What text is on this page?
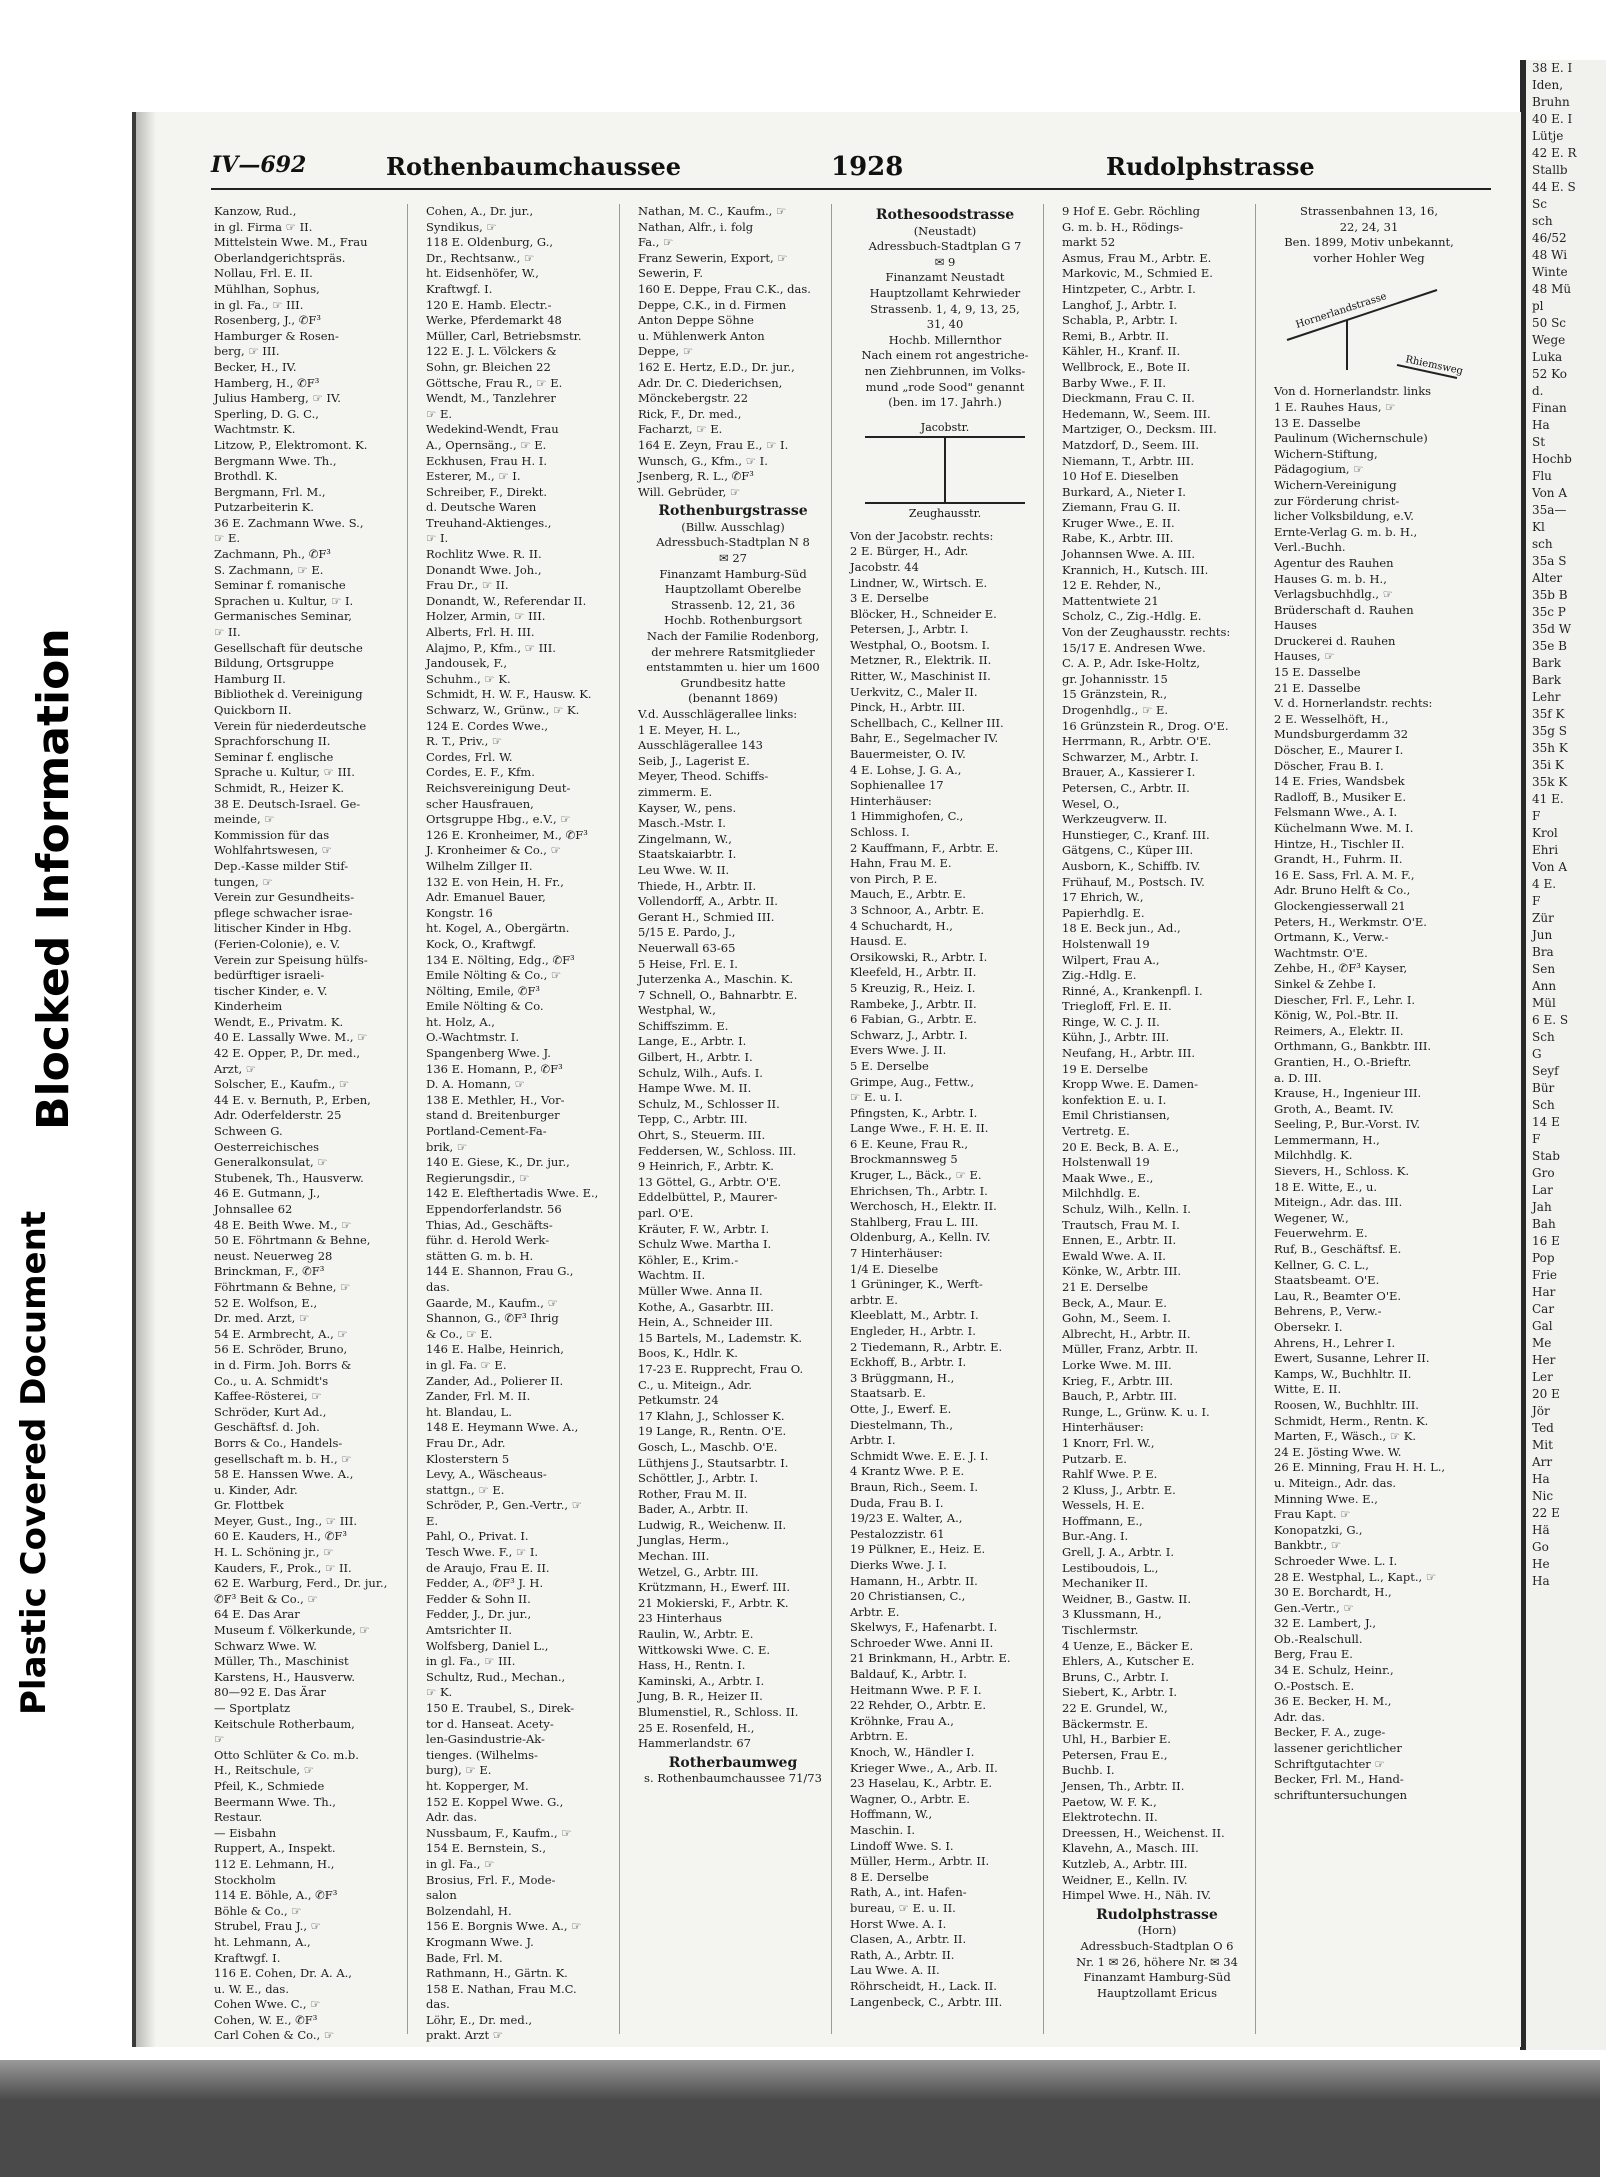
38 E. I
Iden,
Bruhn
40 E. I
Lütje
42 E. R
Stallb
44 E. S
Sc
sch
46/52
48 Wi
Winte
48 Mü
pl
50 Sc
Wege
Luka
52 Ko
d.
Finan
Ha
St
Hochb
Flu
Von A
35a—
Kl
sch
35a S
Alter
35b B
35c P
35d W
35e B
Bark
Bark
Lehr
35f K
35g S
35h K
35i K
35k K
41 E.
F
Krol
Ehri
Von A
4 E.
F
Zür
Jun
Bra
Sen
Ann
Mül
6 E. S
Sch
G
Seyf
Bür
Sch
14 E
F
Stab
Gro
Lar
Jah
Bah
16 E
Pop
Frie
Har
Car
Gal
Me
Her
Ler
20 E
Jör
Ted
Mit
Arr
Ha
Nic
22 E
Hä
Go
He
Ha
IV—692	Rothenbaumchaussee	1928	Rudolphstrasse
Kanzow, Rud.,
in gl. Firma ☞ II.
Mittelstein Wwe. M., Frau
Oberlandgerichtspräs.
Nollau, Frl. E. II.
Mühlhan, Sophus,
in gl. Fa., ☞ III.
Rosenberg, J., ✆F³
Hamburger & Rosen-
berg, ☞ III.
Becker, H., IV.
Hamberg, H., ✆F³
Julius Hamberg, ☞ IV.
Sperling, D. G. C.,
Wachtmstr. K.
Litzow, P., Elektromont. K.
Bergmann Wwe. Th.,
Brothdl. K.
Bergmann, Frl. M.,
Putzarbeiterin K.
36 E. Zachmann Wwe. S.,
☞ E.
Zachmann, Ph., ✆F³
S. Zachmann, ☞ E.
Seminar f. romanische
Sprachen u. Kultur, ☞ I.
Germanisches Seminar,
☞ II.
Gesellschaft für deutsche
Bildung, Ortsgruppe
Hamburg II.
Bibliothek d. Vereinigung
Quickborn II.
Verein für niederdeutsche
Sprachforschung II.
Seminar f. englische
Sprache u. Kultur, ☞ III.
Schmidt, R., Heizer K.
38 E. Deutsch-Israel. Ge-
meinde, ☞
Kommission für das
Wohlfahrtswesen, ☞
Dep.-Kasse milder Stif-
tungen, ☞
Verein zur Gesundheits-
pflege schwacher israe-
litischer Kinder in Hbg.
(Ferien-Colonie), e. V.
Verein zur Speisung hülfs-
bedürftiger israeli-
tischer Kinder, e. V.
Kinderheim
Wendt, E., Privatm. K.
40 E. Lassally Wwe. M., ☞
42 E. Opper, P., Dr. med.,
Arzt, ☞
Solscher, E., Kaufm., ☞
44 E. v. Bernuth, P., Erben,
Adr. Oderfelderstr. 25
Schween G.
Oesterreichisches
Generalkonsulat, ☞
Stubenek, Th., Hausverw.
46 E. Gutmann, J.,
Johnsallee 62
48 E. Beith Wwe. M., ☞
50 E. Föhrtmann & Behne,
neust. Neuerweg 28
Brinckman, F., ✆F³
Föhrtmann & Behne, ☞
52 E. Wolfson, E.,
Dr. med. Arzt, ☞
54 E. Armbrecht, A., ☞
56 E. Schröder, Bruno,
in d. Firm. Joh. Borrs &
Co., u. A. Schmidt's
Kaffee-Rösterei, ☞
Schröder, Kurt Ad.,
Geschäftsf. d. Joh.
Borrs & Co., Handels-
gesellschaft m. b. H., ☞
58 E. Hanssen Wwe. A.,
u. Kinder, Adr.
Gr. Flottbek
Meyer, Gust., Ing., ☞ III.
60 E. Kauders, H., ✆F³
H. L. Schöning jr., ☞
Kauders, F., Prok., ☞ II.
62 E. Warburg, Ferd., Dr. jur.,
✆F³ Beit & Co., ☞
64 E. Das Arar
Museum f. Völkerkunde, ☞
Schwarz Wwe. W.
Müller, Th., Maschinist
Karstens, H., Hausverw.
80—92 E. Das Ärar
— Sportplatz
Keitschule Rotherbaum,
☞
Otto Schlüter & Co. m.b.
H., Reitschule, ☞
Pfeil, K., Schmiede
Beermann Wwe. Th.,
Restaur.
— Eisbahn
Ruppert, A., Inspekt.
112 E. Lehmann, H.,
Stockholm
114 E. Böhle, A., ✆F³
Böhle & Co., ☞
Strubel, Frau J., ☞
ht. Lehmann, A.,
Kraftwgf. I.
116 E. Cohen, Dr. A. A.,
u. W. E., das.
Cohen Wwe. C., ☞
Cohen, W. E., ✆F³
Carl Cohen & Co., ☞
Cohen, A., Dr. jur.,
Syndikus, ☞
118 E. Oldenburg, G.,
Dr., Rechtsanw., ☞
ht. Eidsenhöfer, W.,
Kraftwgf. I.
120 E. Hamb. Electr.-
Werke, Pferdemarkt 48
Müller, Carl, Betriebsmstr.
122 E. J. L. Völckers &
Sohn, gr. Bleichen 22
Göttsche, Frau R., ☞ E.
Wendt, M., Tanzlehrer
☞ E.
Wedekind-Wendt, Frau
A., Opernsäng., ☞ E.
Eckhusen, Frau H. I.
Esterer, M., ☞ I.
Schreiber, F., Direkt.
d. Deutsche Waren
Treuhand-Aktienges.,
☞ I.
Rochlitz Wwe. R. II.
Donandt Wwe. Joh.,
Frau Dr., ☞ II.
Donandt, W., Referendar II.
Holzer, Armin, ☞ III.
Alberts, Frl. H. III.
Alajmo, P., Kfm., ☞ III.
Jandousek, F.,
Schuhm., ☞ K.
Schmidt, H. W. F., Hausw. K.
Schwarz, W., Grünw., ☞ K.
124 E. Cordes Wwe.,
R. T., Priv., ☞
Cordes, Frl. W.
Cordes, E. F., Kfm.
Reichsvereinigung Deut-
scher Hausfrauen,
Ortsgruppe Hbg., e.V., ☞
126 E. Kronheimer, M., ✆F³
J. Kronheimer & Co., ☞
Wilhelm Zillger II.
132 E. von Hein, H. Fr.,
Adr. Emanuel Bauer,
Kongstr. 16
ht. Kogel, A., Obergärtn.
Kock, O., Kraftwgf.
134 E. Nölting, Edg., ✆F³
Emile Nölting & Co., ☞
Nölting, Emile, ✆F³
Emile Nölting & Co.
ht. Holz, A.,
O.-Wachtmstr. I.
Spangenberg Wwe. J.
136 E. Homann, P., ✆F³
D. A. Homann, ☞
138 E. Methler, H., Vor-
stand d. Breitenburger
Portland-Cement-Fa-
brik, ☞
140 E. Giese, K., Dr. jur.,
Regierungsdir., ☞
142 E. Elefthertadis Wwe. E.,
Eppendorferlandstr. 56
Thias, Ad., Geschäfts-
führ. d. Herold Werk-
stätten G. m. b. H.
144 E. Shannon, Frau G.,
das.
Gaarde, M., Kaufm., ☞
Shannon, G., ✆F³ Ihrig
& Co., ☞ E.
146 E. Halbe, Heinrich,
in gl. Fa. ☞ E.
Zander, Ad., Polierer II.
Zander, Frl. M. II.
ht. Blandau, L.
148 E. Heymann Wwe. A.,
Frau Dr., Adr.
Klosterstern 5
Levy, A., Wäscheaus-
stattgn., ☞ E.
Schröder, P., Gen.-Vertr., ☞
E.
Pahl, O., Privat. I.
Tesch Wwe. F., ☞ I.
de Araujo, Frau E. II.
Fedder, A., ✆F³ J. H.
Fedder & Sohn II.
Fedder, J., Dr. jur.,
Amtsrichter II.
Wolfsberg, Daniel L.,
in gl. Fa., ☞ III.
Schultz, Rud., Mechan.,
☞ K.
150 E. Traubel, S., Direk-
tor d. Hanseat. Acety-
len-Gasindustrie-Ak-
tienges. (Wilhelms-
burg), ☞ E.
ht. Kopperger, M.
152 E. Koppel Wwe. G.,
Adr. das.
Nussbaum, F., Kaufm., ☞
154 E. Bernstein, S.,
in gl. Fa., ☞
Brosius, Frl. F., Mode-
salon
Bolzendahl, H.
156 E. Borgnis Wwe. A., ☞
Krogmann Wwe. J.
Bade, Frl. M.
Rathmann, H., Gärtn. K.
158 E. Nathan, Frau M.C.
das.
Löhr, E., Dr. med.,
prakt. Arzt ☞
Nathan, M. C., Kaufm., ☞
Nathan, Alfr., i. folg
Fa., ☞
Franz Sewerin, Export, ☞
Sewerin, F.
160 E. Deppe, Frau C.K., das.
Deppe, C.K., in d. Firmen
Anton Deppe Söhne
u. Mühlenwerk Anton
Deppe, ☞
162 E. Hertz, E.D., Dr. jur.,
Adr. Dr. C. Diederichsen,
Mönckebergstr. 22
Rick, F., Dr. med.,
Facharzt, ☞ E.
164 E. Zeyn, Frau E., ☞ I.
Wunsch, G., Kfm., ☞ I.
Jsenberg, R. L., ✆F³
Will. Gebrüder, ☞
Rothenburgstrasse
(Billw. Ausschlag)
Adressbuch-Stadtplan N 8
✉ 27
Finanzamt Hamburg-Süd
Hauptzollamt Oberelbe
Strassenb. 12, 21, 36
Hochb. Rothenburgsort
Nach der Familie Rodenborg,
der mehrere Ratsmitglieder
entstammten u. hier um 1600
Grundbesitz hatte
(benannt 1869)
V.d. Ausschlägerallee links:
1 E. Meyer, H. L.,
Ausschlägerallee 143
Seib, J., Lagerist E.
Meyer, Theod. Schiffs-
zimmerm. E.
Kayser, W., pens.
Masch.-Mstr. I.
Zingelmann, W.,
Staatskaiarbtr. I.
Leu Wwe. W. II.
Thiede, H., Arbtr. II.
Vollendorff, A., Arbtr. II.
Gerant H., Schmied III.
5/15 E. Pardo, J.,
Neuerwall 63-65
5 Heise, Frl. E. I.
Juterzenka A., Maschin. K.
7 Schnell, O., Bahnarbtr. E.
Westphal, W.,
Schiffszimm. E.
Lange, E., Arbtr. I.
Gilbert, H., Arbtr. I.
Schulz, Wilh., Aufs. I.
Hampe Wwe. M. II.
Schulz, M., Schlosser II.
Tepp, C., Arbtr. III.
Ohrt, S., Steuerm. III.
Feddersen, W., Schloss. III.
9 Heinrich, F., Arbtr. K.
13 Göttel, G., Arbtr. O'E.
Eddelbüttel, P., Maurer-
parl. O'E.
Kräuter, F. W., Arbtr. I.
Schulz Wwe. Martha I.
Köhler, E., Krim.-
Wachtm. II.
Müller Wwe. Anna II.
Kothe, A., Gasarbtr. III.
Hein, A., Schneider III.
15 Bartels, M., Lademstr. K.
Boos, K., Hdlr. K.
17-23 E. Rupprecht, Frau O.
C., u. Miteign., Adr.
Petkumstr. 24
17 Klahn, J., Schlosser K.
19 Lange, R., Rentn. O'E.
Gosch, L., Maschb. O'E.
Lüthjens J., Stautsarbtr. I.
Schöttler, J., Arbtr. I.
Rother, Frau M. II.
Bader, A., Arbtr. II.
Ludwig, R., Weichenw. II.
Junglas, Herm.,
Mechan. III.
Wetzel, G., Arbtr. III.
Krützmann, H., Ewerf. III.
21 Mokierski, F., Arbtr. K.
23 Hinterhaus
Raulin, W., Arbtr. E.
Wittkowski Wwe. C. E.
Hass, H., Rentn. I.
Kaminski, A., Arbtr. I.
Jung, B. R., Heizer II.
Blumenstiel, R., Schloss. II.
25 E. Rosenfeld, H.,
Hammerlandstr. 67
Rotherbaumweg
s. Rothenbaumchaussee 71/73
Rothesoodstrasse
(Neustadt)
Adressbuch-Stadtplan G 7
✉ 9
Finanzamt Neustadt
Hauptzollamt Kehrwieder
Strassenb. 1, 4, 9, 13, 25,
31, 40
Hochb. Millernthor
Nach einem rot angestriche-
nen Ziehbrunnen, im Volks-
mund „rode Sood" genannt
(ben. im 17. Jahrh.)
Jacobstr.
Zeughausstr.
Von der Jacobstr. rechts:
2 E. Bürger, H., Adr.
Jacobstr. 44
Lindner, W., Wirtsch. E.
3 E. Derselbe
Blöcker, H., Schneider E.
Petersen, J., Arbtr. I.
Westphal, O., Bootsm. I.
Metzner, R., Elektrik. II.
Ritter, W., Maschinist II.
Uerkvitz, C., Maler II.
Pinck, H., Arbtr. III.
Schellbach, C., Kellner III.
Bahr, E., Segelmacher IV.
Bauermeister, O. IV.
4 E. Lohse, J. G. A.,
Sophienallee 17
Hinterhäuser:
1 Himmighofen, C.,
Schloss. I.
2 Kauffmann, F., Arbtr. E.
Hahn, Frau M. E.
von Pirch, P. E.
Mauch, E., Arbtr. E.
3 Schnoor, A., Arbtr. E.
4 Schuchardt, H.,
Hausd. E.
Orsikowski, R., Arbtr. I.
Kleefeld, H., Arbtr. II.
5 Kreuzig, R., Heiz. I.
Rambeke, J., Arbtr. II.
6 Fabian, G., Arbtr. E.
Schwarz, J., Arbtr. I.
Evers Wwe. J. II.
5 E. Derselbe
Grimpe, Aug., Fettw.,
☞ E. u. I.
Pfingsten, K., Arbtr. I.
Lange Wwe., F. H. E. II.
6 E. Keune, Frau R.,
Brockmannsweg 5
Kruger, L., Bäck., ☞ E.
Ehrichsen, Th., Arbtr. I.
Werchosch, H., Elektr. II.
Stahlberg, Frau L. III.
Oldenburg, A., Kelln. IV.
7 Hinterhäuser:
1/4 E. Dieselbe
1 Grüninger, K., Werft-
arbtr. E.
Kleeblatt, M., Arbtr. I.
Engleder, H., Arbtr. I.
2 Tiedemann, R., Arbtr. E.
Eckhoff, B., Arbtr. I.
3 Brüggmann, H.,
Staatsarb. E.
Otte, J., Ewerf. E.
Diestelmann, Th.,
Arbtr. I.
Schmidt Wwe. E. E. J. I.
4 Krantz Wwe. P. E.
Braun, Rich., Seem. I.
Duda, Frau B. I.
19/23 E. Walter, A.,
Pestalozzistr. 61
19 Pülkner, E., Heiz. E.
Dierks Wwe. J. I.
Hamann, H., Arbtr. II.
20 Christiansen, C.,
Arbtr. E.
Skelwys, F., Hafenarbt. I.
Schroeder Wwe. Anni II.
21 Brinkmann, H., Arbtr. E.
Baldauf, K., Arbtr. I.
Heitmann Wwe. P. F. I.
22 Rehder, O., Arbtr. E.
Kröhnke, Frau A.,
Arbtrn. E.
Knoch, W., Händler I.
Krieger Wwe., A., Arb. II.
23 Haselau, K., Arbtr. E.
Wagner, O., Arbtr. E.
Hoffmann, W.,
Maschin. I.
Lindoff Wwe. S. I.
Müller, Herm., Arbtr. II.
8 E. Derselbe
Rath, A., int. Hafen-
bureau, ☞ E. u. II.
Horst Wwe. A. I.
Clasen, A., Arbtr. II.
Rath, A., Arbtr. II.
Lau Wwe. A. II.
Röhrscheidt, H., Lack. II.
Langenbeck, C., Arbtr. III.
9 Hof E. Gebr. Röchling
G. m. b. H., Rödings-
markt 52
Asmus, Frau M., Arbtr. E.
Markovic, M., Schmied E.
Hintzpeter, C., Arbtr. I.
Langhof, J., Arbtr. I.
Schabla, P., Arbtr. I.
Remi, B., Arbtr. II.
Kähler, H., Kranf. II.
Wellbrock, E., Bote II.
Barby Wwe., F. II.
Dieckmann, Frau C. II.
Hedemann, W., Seem. III.
Martziger, O., Decksm. III.
Matzdorf, D., Seem. III.
Niemann, T., Arbtr. III.
10 Hof E. Dieselben
Burkard, A., Nieter I.
Ziemann, Frau G. II.
Kruger Wwe., E. II.
Rabe, K., Arbtr. III.
Johannsen Wwe. A. III.
Krannich, H., Kutsch. III.
12 E. Rehder, N.,
Mattentwiete 21
Scholz, C., Zig.-Hdlg. E.
Von der Zeughausstr. rechts:
15/17 E. Andresen Wwe.
C. A. P., Adr. Iske-Holtz,
gr. Johannisstr. 15
15 Gränzstein, R.,
Drogenhdlg., ☞ E.
16 Grünzstein R., Drog. O'E.
Herrmann, R., Arbtr. O'E.
Schwarzer, M., Arbtr. I.
Brauer, A., Kassierer I.
Petersen, C., Arbtr. II.
Wesel, O.,
Werkzeugverw. II.
Hunstieger, C., Kranf. III.
Gätgens, C., Küper III.
Ausborn, K., Schiffb. IV.
Frühauf, M., Postsch. IV.
17 Ehrich, W.,
Papierhdlg. E.
18 E. Beck jun., Ad.,
Holstenwall 19
Wilpert, Frau A.,
Zig.-Hdlg. E.
Rinné, A., Krankenpfl. I.
Triegloff, Frl. E. II.
Ringe, W. C. J. II.
Kühn, J., Arbtr. III.
Neufang, H., Arbtr. III.
19 E. Derselbe
Kropp Wwe. E. Damen-
konfektion E. u. I.
Emil Christiansen,
Vertretg. E.
20 E. Beck, B. A. E.,
Holstenwall 19
Maak Wwe., E.,
Milchhdlg. E.
Schulz, Wilh., Kelln. I.
Trautsch, Frau M. I.
Ennen, E., Arbtr. II.
Ewald Wwe. A. II.
Könke, W., Arbtr. III.
21 E. Derselbe
Beck, A., Maur. E.
Gohn, M., Seem. I.
Albrecht, H., Arbtr. II.
Müller, Franz, Arbtr. II.
Lorke Wwe. M. III.
Krieg, F., Arbtr. III.
Bauch, P., Arbtr. III.
Runge, L., Grünw. K. u. I.
Hinterhäuser:
1 Knorr, Frl. W.,
Putzarb. E.
Rahlf Wwe. P. E.
2 Kluss, J., Arbtr. E.
Wessels, H. E.
Hoffmann, E.,
Bur.-Ang. I.
Grell, J. A., Arbtr. I.
Lestiboudois, L.,
Mechaniker II.
Weidner, B., Gastw. II.
3 Klussmann, H.,
Tischlermstr.
4 Uenze, E., Bäcker E.
Ehlers, A., Kutscher E.
Bruns, C., Arbtr. I.
Siebert, K., Arbtr. I.
22 E. Grundel, W.,
Bäckermstr. E.
Uhl, H., Barbier E.
Petersen, Frau E.,
Buchb. I.
Jensen, Th., Arbtr. II.
Paetow, W. F. K.,
Elektrotechn. II.
Dreessen, H., Weichenst. II.
Klavehn, A., Masch. III.
Kutzleb, A., Arbtr. III.
Weidner, E., Kelln. IV.
Himpel Wwe. H., Näh. IV.
Rudolphstrasse
(Horn)
Adressbuch-Stadtplan O 6
Nr. 1 ✉ 26, höhere Nr. ✉ 34
Finanzamt Hamburg-Süd
Hauptzollamt Ericus
Strassenbahnen 13, 16,
22, 24, 31
Ben. 1899, Motiv unbekannt,
vorher Hohler Weg
Hornerlandstrasse
Rhiemsweg
Von d. Hornerlandstr. links
1 E. Rauhes Haus, ☞
13 E. Dasselbe
Paulinum (Wichernschule)
Wichern-Stiftung,
Pädagogium, ☞
Wichern-Vereinigung
zur Förderung christ-
licher Volksbildung, e.V.
Ernte-Verlag G. m. b. H.,
Verl.-Buchh.
Agentur des Rauhen
Hauses G. m. b. H.,
Verlagsbuchhdlg., ☞
Brüderschaft d. Rauhen
Hauses
Druckerei d. Rauhen
Hauses, ☞
15 E. Dasselbe
21 E. Dasselbe
V. d. Hornerlandstr. rechts:
2 E. Wesselhöft, H.,
Mundsburgerdamm 32
Döscher, E., Maurer I.
Döscher, Frau B. I.
14 E. Fries, Wandsbek
Radloff, B., Musiker E.
Felsmann Wwe., A. I.
Küchelmann Wwe. M. I.
Hintze, H., Tischler II.
Grandt, H., Fuhrm. II.
16 E. Sass, Frl. A. M. F.,
Adr. Bruno Helft & Co.,
Glockengiesserwall 21
Peters, H., Werkmstr. O'E.
Ortmann, K., Verw.-
Wachtmstr. O'E.
Zehbe, H., ✆F³ Kayser,
Sinkel & Zehbe I.
Diescher, Frl. F., Lehr. I.
König, W., Pol.-Btr. II.
Reimers, A., Elektr. II.
Orthmann, G., Bankbtr. III.
Grantien, H., O.-Brieftr.
a. D. III.
Krause, H., Ingenieur III.
Groth, A., Beamt. IV.
Seeling, P., Bur.-Vorst. IV.
Lemmermann, H.,
Milchhdlg. K.
Sievers, H., Schloss. K.
18 E. Witte, E., u.
Miteign., Adr. das. III.
Wegener, W.,
Feuerwehrm. E.
Ruf, B., Geschäftsf. E.
Kellner, G. C. L.,
Staatsbeamt. O'E.
Lau, R., Beamter O'E.
Behrens, P., Verw.-
Obersekr. I.
Ahrens, H., Lehrer I.
Ewert, Susanne, Lehrer II.
Kamps, W., Buchhltr. II.
Witte, E. II.
Roosen, W., Buchhltr. III.
Schmidt, Herm., Rentn. K.
Marten, F., Wäsch., ☞ K.
24 E. Jösting Wwe. W.
26 E. Minning, Frau H. H. L.,
u. Miteign., Adr. das.
Minning Wwe. E.,
Frau Kapt. ☞
Konopatzki, G.,
Bankbtr., ☞
Schroeder Wwe. L. I.
28 E. Westphal, L., Kapt., ☞
30 E. Borchardt, H.,
Gen.-Vertr., ☞
32 E. Lambert, J.,
Ob.-Realschull.
Berg, Frau E.
34 E. Schulz, Heinr.,
O.-Postsch. E.
36 E. Becker, H. M.,
Adr. das.
Becker, F. A., zuge-
lassener gerichtlicher
Schriftgutachter ☞
Becker, Frl. M., Hand-
schriftuntersuchungen
Plastic Covered Document
Blocked Information
